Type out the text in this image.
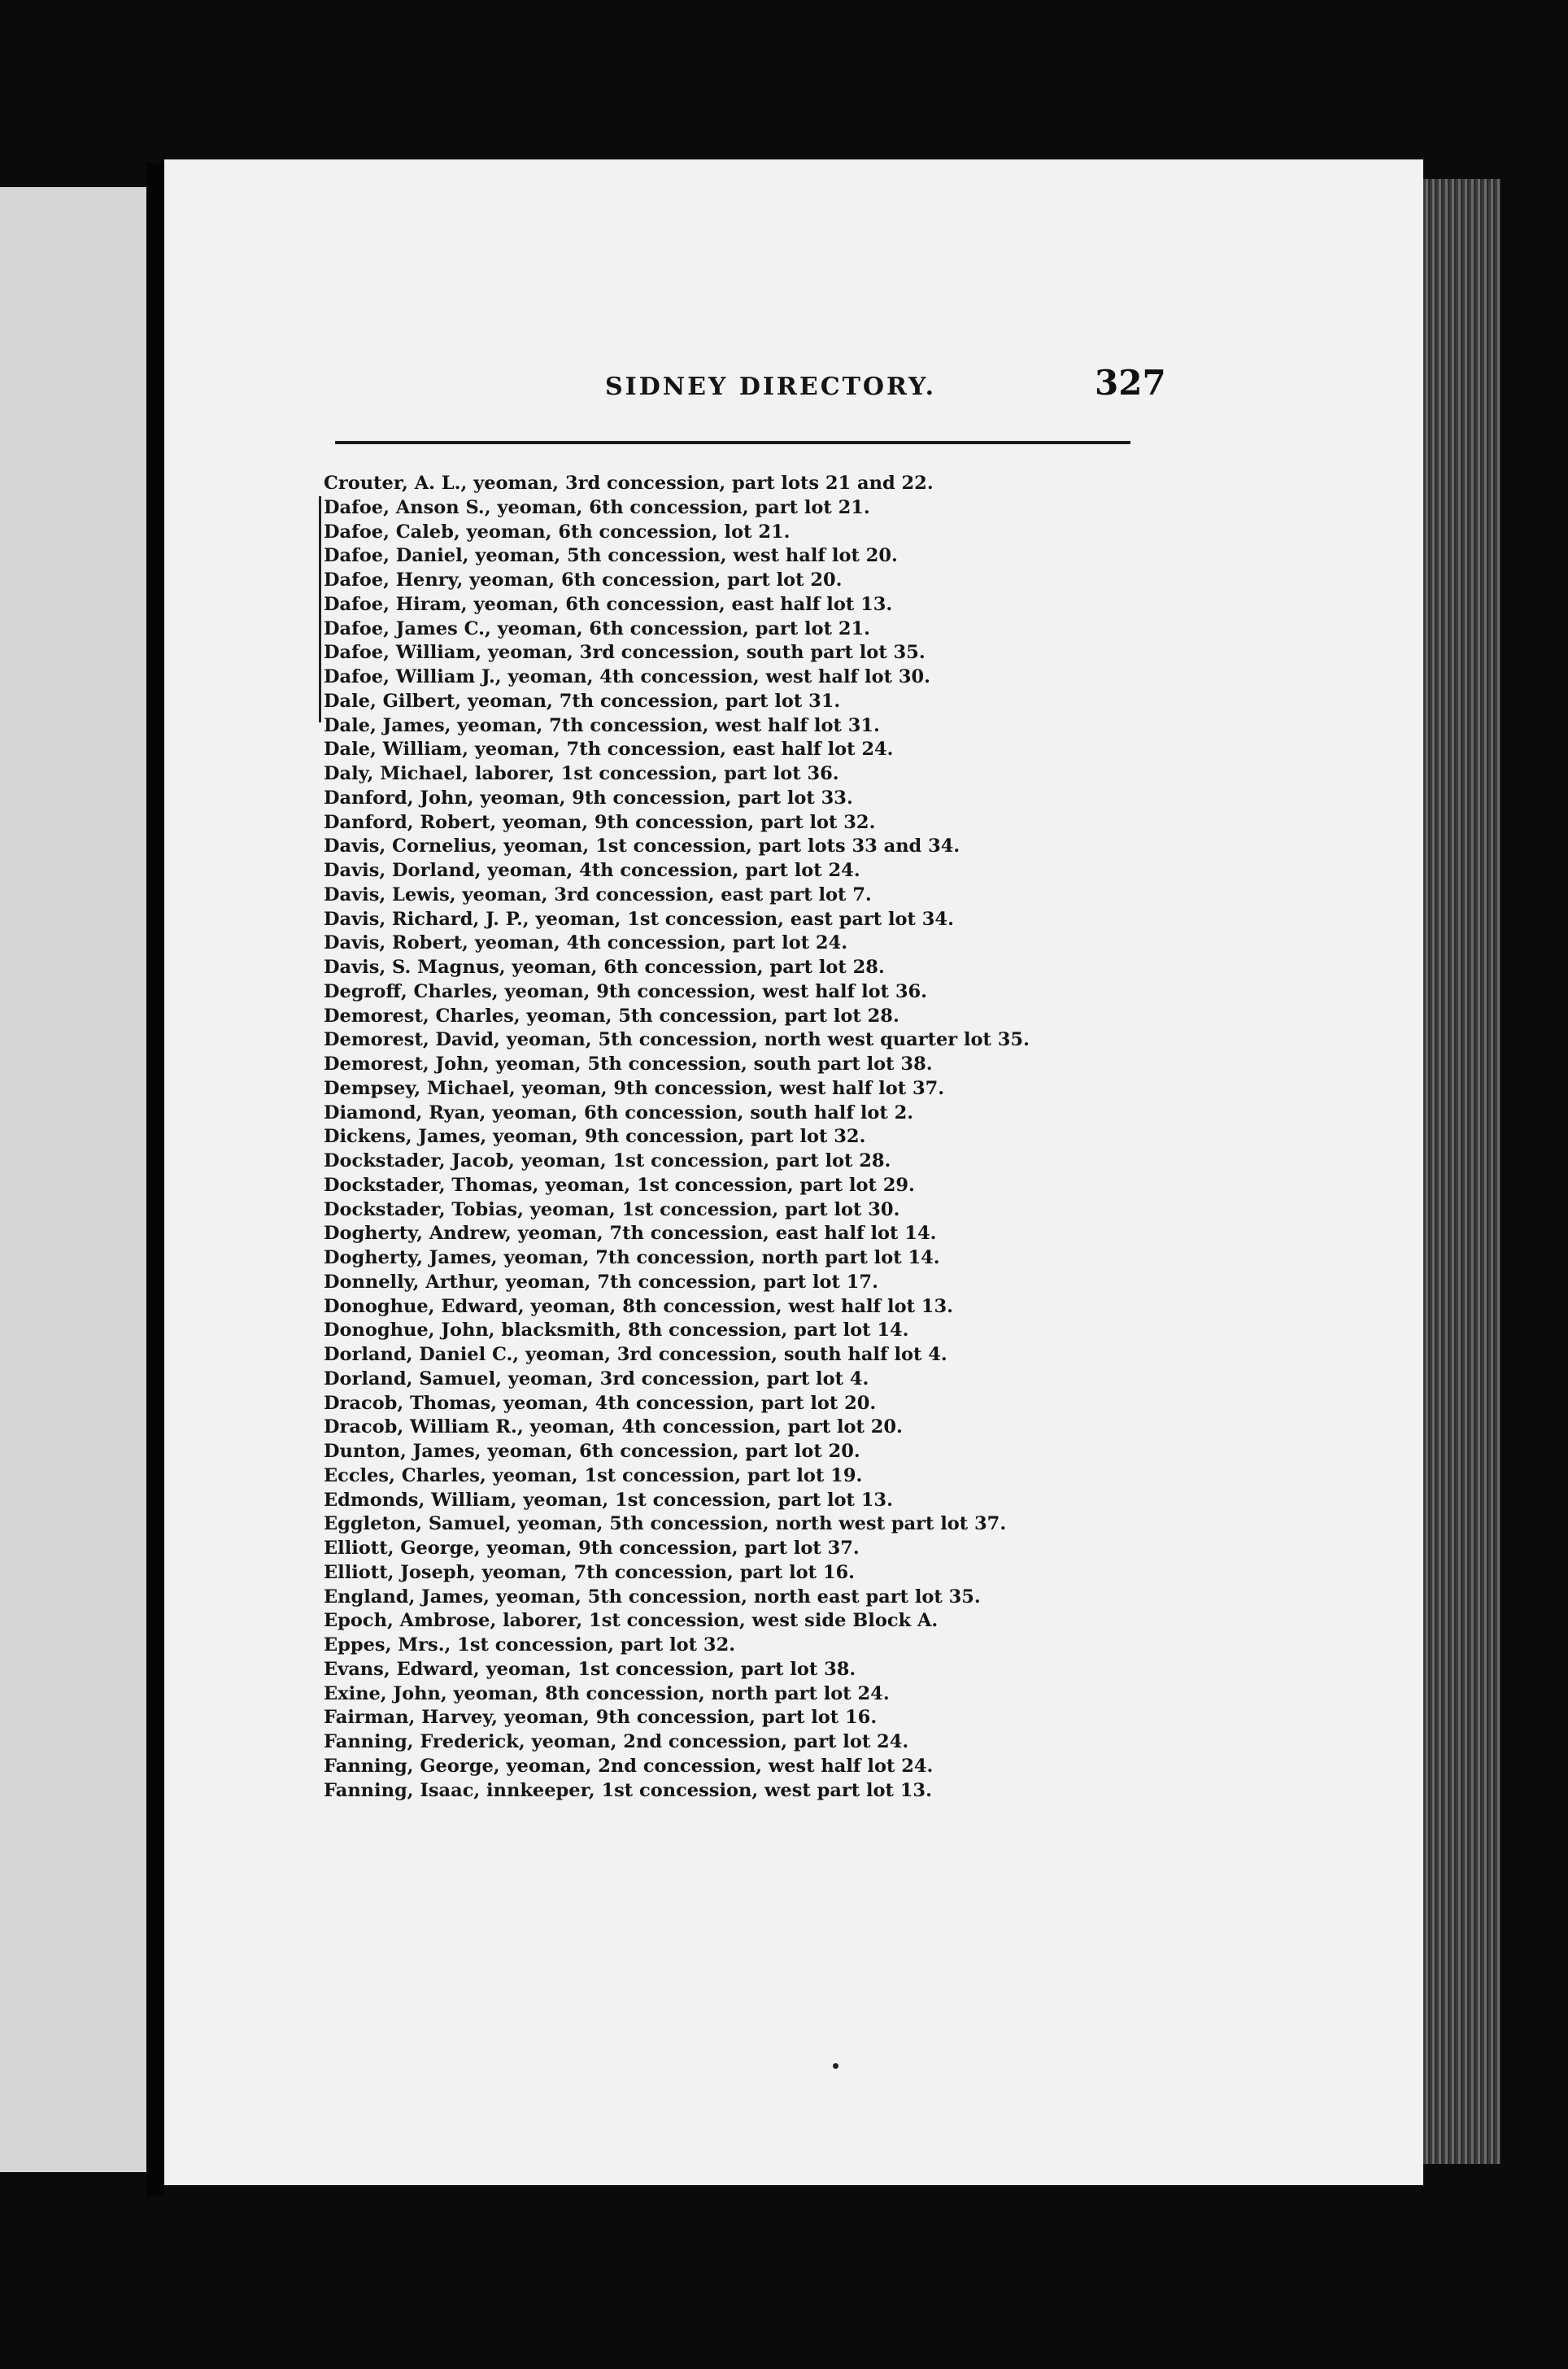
SIDNEY DIRECTORY.	327
Crouter, A. L., yeoman, 3rd concession, part lots 21 and 22.
Dafoe, Anson S., yeoman, 6th concession, part lot 21.
Dafoe, Caleb, yeoman, 6th concession, lot 21.
Dafoe, Daniel, yeoman, 5th concession, west half lot 20.
Dafoe, Henry, yeoman, 6th concession, part lot 20.
Dafoe, Hiram, yeoman, 6th concession, east half lot 13.
Dafoe, James C., yeoman, 6th concession, part lot 21.
Dafoe, William, yeoman, 3rd concession, south part lot 35.
Dafoe, William J., yeoman, 4th concession, west half lot 30.
Dale, Gilbert, yeoman, 7th concession, part lot 31.
Dale, James, yeoman, 7th concession, west half lot 31.
Dale, William, yeoman, 7th concession, east half lot 24.
Daly, Michael, laborer, 1st concession, part lot 36.
Danford, John, yeoman, 9th concession, part lot 33.
Danford, Robert, yeoman, 9th concession, part lot 32.
Davis, Cornelius, yeoman, 1st concession, part lots 33 and 34.
Davis, Dorland, yeoman, 4th concession, part lot 24.
Davis, Lewis, yeoman, 3rd concession, east part lot 7.
Davis, Richard, J. P., yeoman, 1st concession, east part lot 34.
Davis, Robert, yeoman, 4th concession, part lot 24.
Davis, S. Magnus, yeoman, 6th concession, part lot 28.
Degroff, Charles, yeoman, 9th concession, west half lot 36.
Demorest, Charles, yeoman, 5th concession, part lot 28.
Demorest, David, yeoman, 5th concession, north west quarter lot 35.
Demorest, John, yeoman, 5th concession, south part lot 38.
Dempsey, Michael, yeoman, 9th concession, west half lot 37.
Diamond, Ryan, yeoman, 6th concession, south half lot 2.
Dickens, James, yeoman, 9th concession, part lot 32.
Dockstader, Jacob, yeoman, 1st concession, part lot 28.
Dockstader, Thomas, yeoman, 1st concession, part lot 29.
Dockstader, Tobias, yeoman, 1st concession, part lot 30.
Dogherty, Andrew, yeoman, 7th concession, east half lot 14.
Dogherty, James, yeoman, 7th concession, north part lot 14.
Donnelly, Arthur, yeoman, 7th concession, part lot 17.
Donoghue, Edward, yeoman, 8th concession, west half lot 13.
Donoghue, John, blacksmith, 8th concession, part lot 14.
Dorland, Daniel C., yeoman, 3rd concession, south half lot 4.
Dorland, Samuel, yeoman, 3rd concession, part lot 4.
Dracob, Thomas, yeoman, 4th concession, part lot 20.
Dracob, William R., yeoman, 4th concession, part lot 20.
Dunton, James, yeoman, 6th concession, part lot 20.
Eccles, Charles, yeoman, 1st concession, part lot 19.
Edmonds, William, yeoman, 1st concession, part lot 13.
Eggleton, Samuel, yeoman, 5th concession, north west part lot 37.
Elliott, George, yeoman, 9th concession, part lot 37.
Elliott, Joseph, yeoman, 7th concession, part lot 16.
England, James, yeoman, 5th concession, north east part lot 35.
Epoch, Ambrose, laborer, 1st concession, west side Block A.
Eppes, Mrs., 1st concession, part lot 32.
Evans, Edward, yeoman, 1st concession, part lot 38.
Exine, John, yeoman, 8th concession, north part lot 24.
Fairman, Harvey, yeoman, 9th concession, part lot 16.
Fanning, Frederick, yeoman, 2nd concession, part lot 24.
Fanning, George, yeoman, 2nd concession, west half lot 24.
Fanning, Isaac, innkeeper, 1st concession, west part lot 13.
